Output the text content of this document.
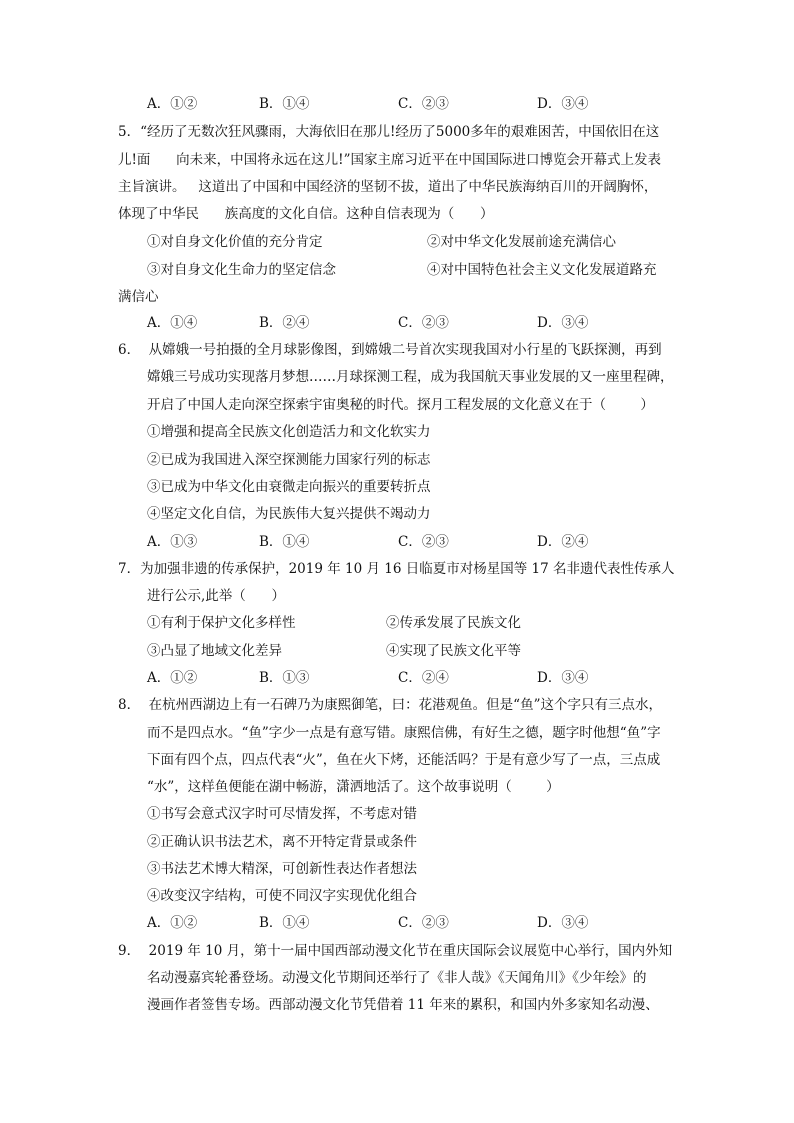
A．①②	B．①④	C．②③	D．③④
5．“经历了无数次狂风骤雨，大海依旧在那儿!经历了5000多年的艰难困苦，中国依旧在这
儿!面      向未来，中国将永远在这儿!”国家主席习近平在中国国际进口博览会开幕式上发表
主旨演讲。   这道出了中国和中国经济的坚韧不拔，道出了中华民族海纳百川的开阔胸怀，
体现了中华民      族高度的文化自信。这种自信表现为（      ）
①对自身文化价值的充分肯定	②对中华文化发展前途充满信心
③对自身文化生命力的坚定信念	④对中国特色社会主义文化发展道路充
满信心
A．①④	B．②④	C．②③	D．③④
6．  从嫦娥一号拍摄的全月球影像图，到嫦娥二号首次实现我国对小行星的飞跃探测，再到
嫦娥三号成功实现落月梦想……月球探测工程，成为我国航天事业发展的又一座里程碑，
开启了中国人走向深空探索宇宙奥秘的时代。探月工程发展的文化意义在于（        ）
①增强和提高全民族文化创造活力和文化软实力
②已成为我国进入深空探测能力国家行列的标志
③已成为中华文化由衰微走向振兴的重要转折点
④坚定文化自信，为民族伟大复兴提供不竭动力
A．①③	B．①④	C．②③	D．②④
7．为加强非遗的传承保护，2019 年 10 月 16 日临夏市对杨星国等 17 名非遗代表性传承人
进行公示,此举（      ）
①有利于保护文化多样性	②传承发展了民族文化
③凸显了地域文化差异	④实现了民族文化平等
A．①②	B．①③	C．②④	D．③④
8．  在杭州西湖边上有一石碑乃为康熙御笔，曰：花港观鱼。但是“鱼”这个字只有三点水，
而不是四点水。“鱼”字少一点是有意写错。康熙信佛，有好生之德，题字时他想“鱼”字
下面有四个点，四点代表“火”，鱼在火下烤，还能活吗？于是有意少写了一点，三点成
“水”，这样鱼便能在湖中畅游，潇洒地活了。这个故事说明（        ）
①书写会意式汉字时可尽情发挥，不考虑对错
②正确认识书法艺术，离不开特定背景或条件
③书法艺术博大精深，可创新性表达作者想法
④改变汉字结构，可使不同汉字实现优化组合
A．①②	B．①④	C．②③	D．③④
9．  2019 年 10 月，第十一届中国西部动漫文化节在重庆国际会议展览中心举行，国内外知
名动漫嘉宾轮番登场。动漫文化节期间还举行了《非人哉》《天闻角川》《少年绘》的
漫画作者签售专场。西部动漫文化节凭借着 11 年来的累积，和国内外多家知名动漫、
